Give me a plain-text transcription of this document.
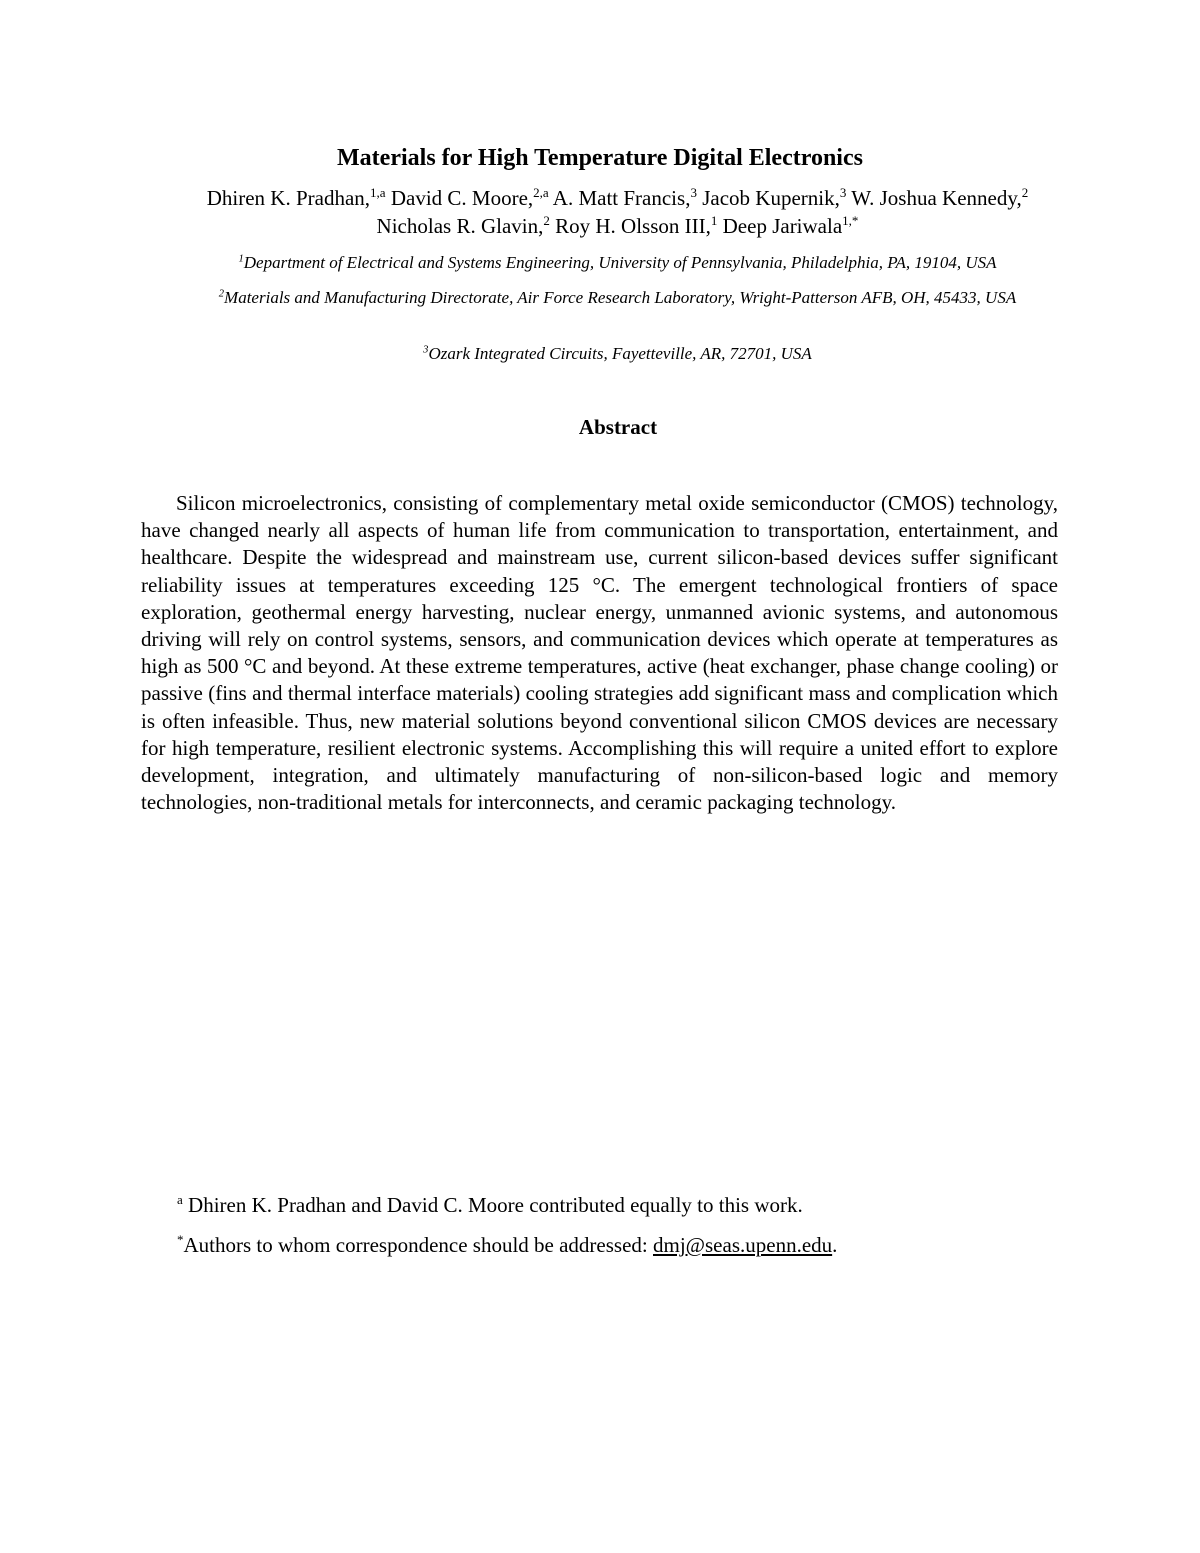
Materials for High Temperature Digital Electronics
Dhiren K. Pradhan,$^{1,a}$ David C. Moore,$^{2,a}$ A. Matt Francis,$^3$ Jacob Kupernik,$^3$ W. Joshua Kennedy,$^2$ Nicholas R. Glavin,$^2$ Roy H. Olsson III,$^1$ Deep Jariwala$^{1,*}$
$^1$Department of Electrical and Systems Engineering, University of Pennsylvania, Philadelphia, PA, 19104, USA
$^2$Materials and Manufacturing Directorate, Air Force Research Laboratory, Wright-Patterson AFB, OH, 45433, USA
$^3$Ozark Integrated Circuits, Fayetteville, AR, 72701, USA
Abstract

Silicon microelectronics, consisting of complementary metal oxide semiconductor (CMOS) technology, have changed nearly all aspects of human life from communication to transportation, entertainment, and healthcare. Despite the widespread and mainstream use, current silicon-based devices suffer significant reliability issues at temperatures exceeding 125 °C. The emergent technological frontiers of space exploration, geothermal energy harvesting, nuclear energy, unmanned avionic systems, and autonomous driving will rely on control systems, sensors, and communication devices which operate at temperatures as high as 500 °C and beyond. At these extreme temperatures, active (heat exchanger, phase change cooling) or passive (fins and thermal interface materials) cooling strategies add significant mass and complication which is often infeasible. Thus, new material solutions beyond conventional silicon CMOS devices are necessary for high temperature, resilient electronic systems. Accomplishing this will require a united effort to explore development, integration, and ultimately manufacturing of non-silicon-based logic and memory technologies, non-traditional metals for interconnects, and ceramic packaging technology.

$^a$ Dhiren K. Pradhan and David C. Moore contributed equally to this work.

*Authors to whom correspondence should be addressed: dmj@seas.upenn.edu.
